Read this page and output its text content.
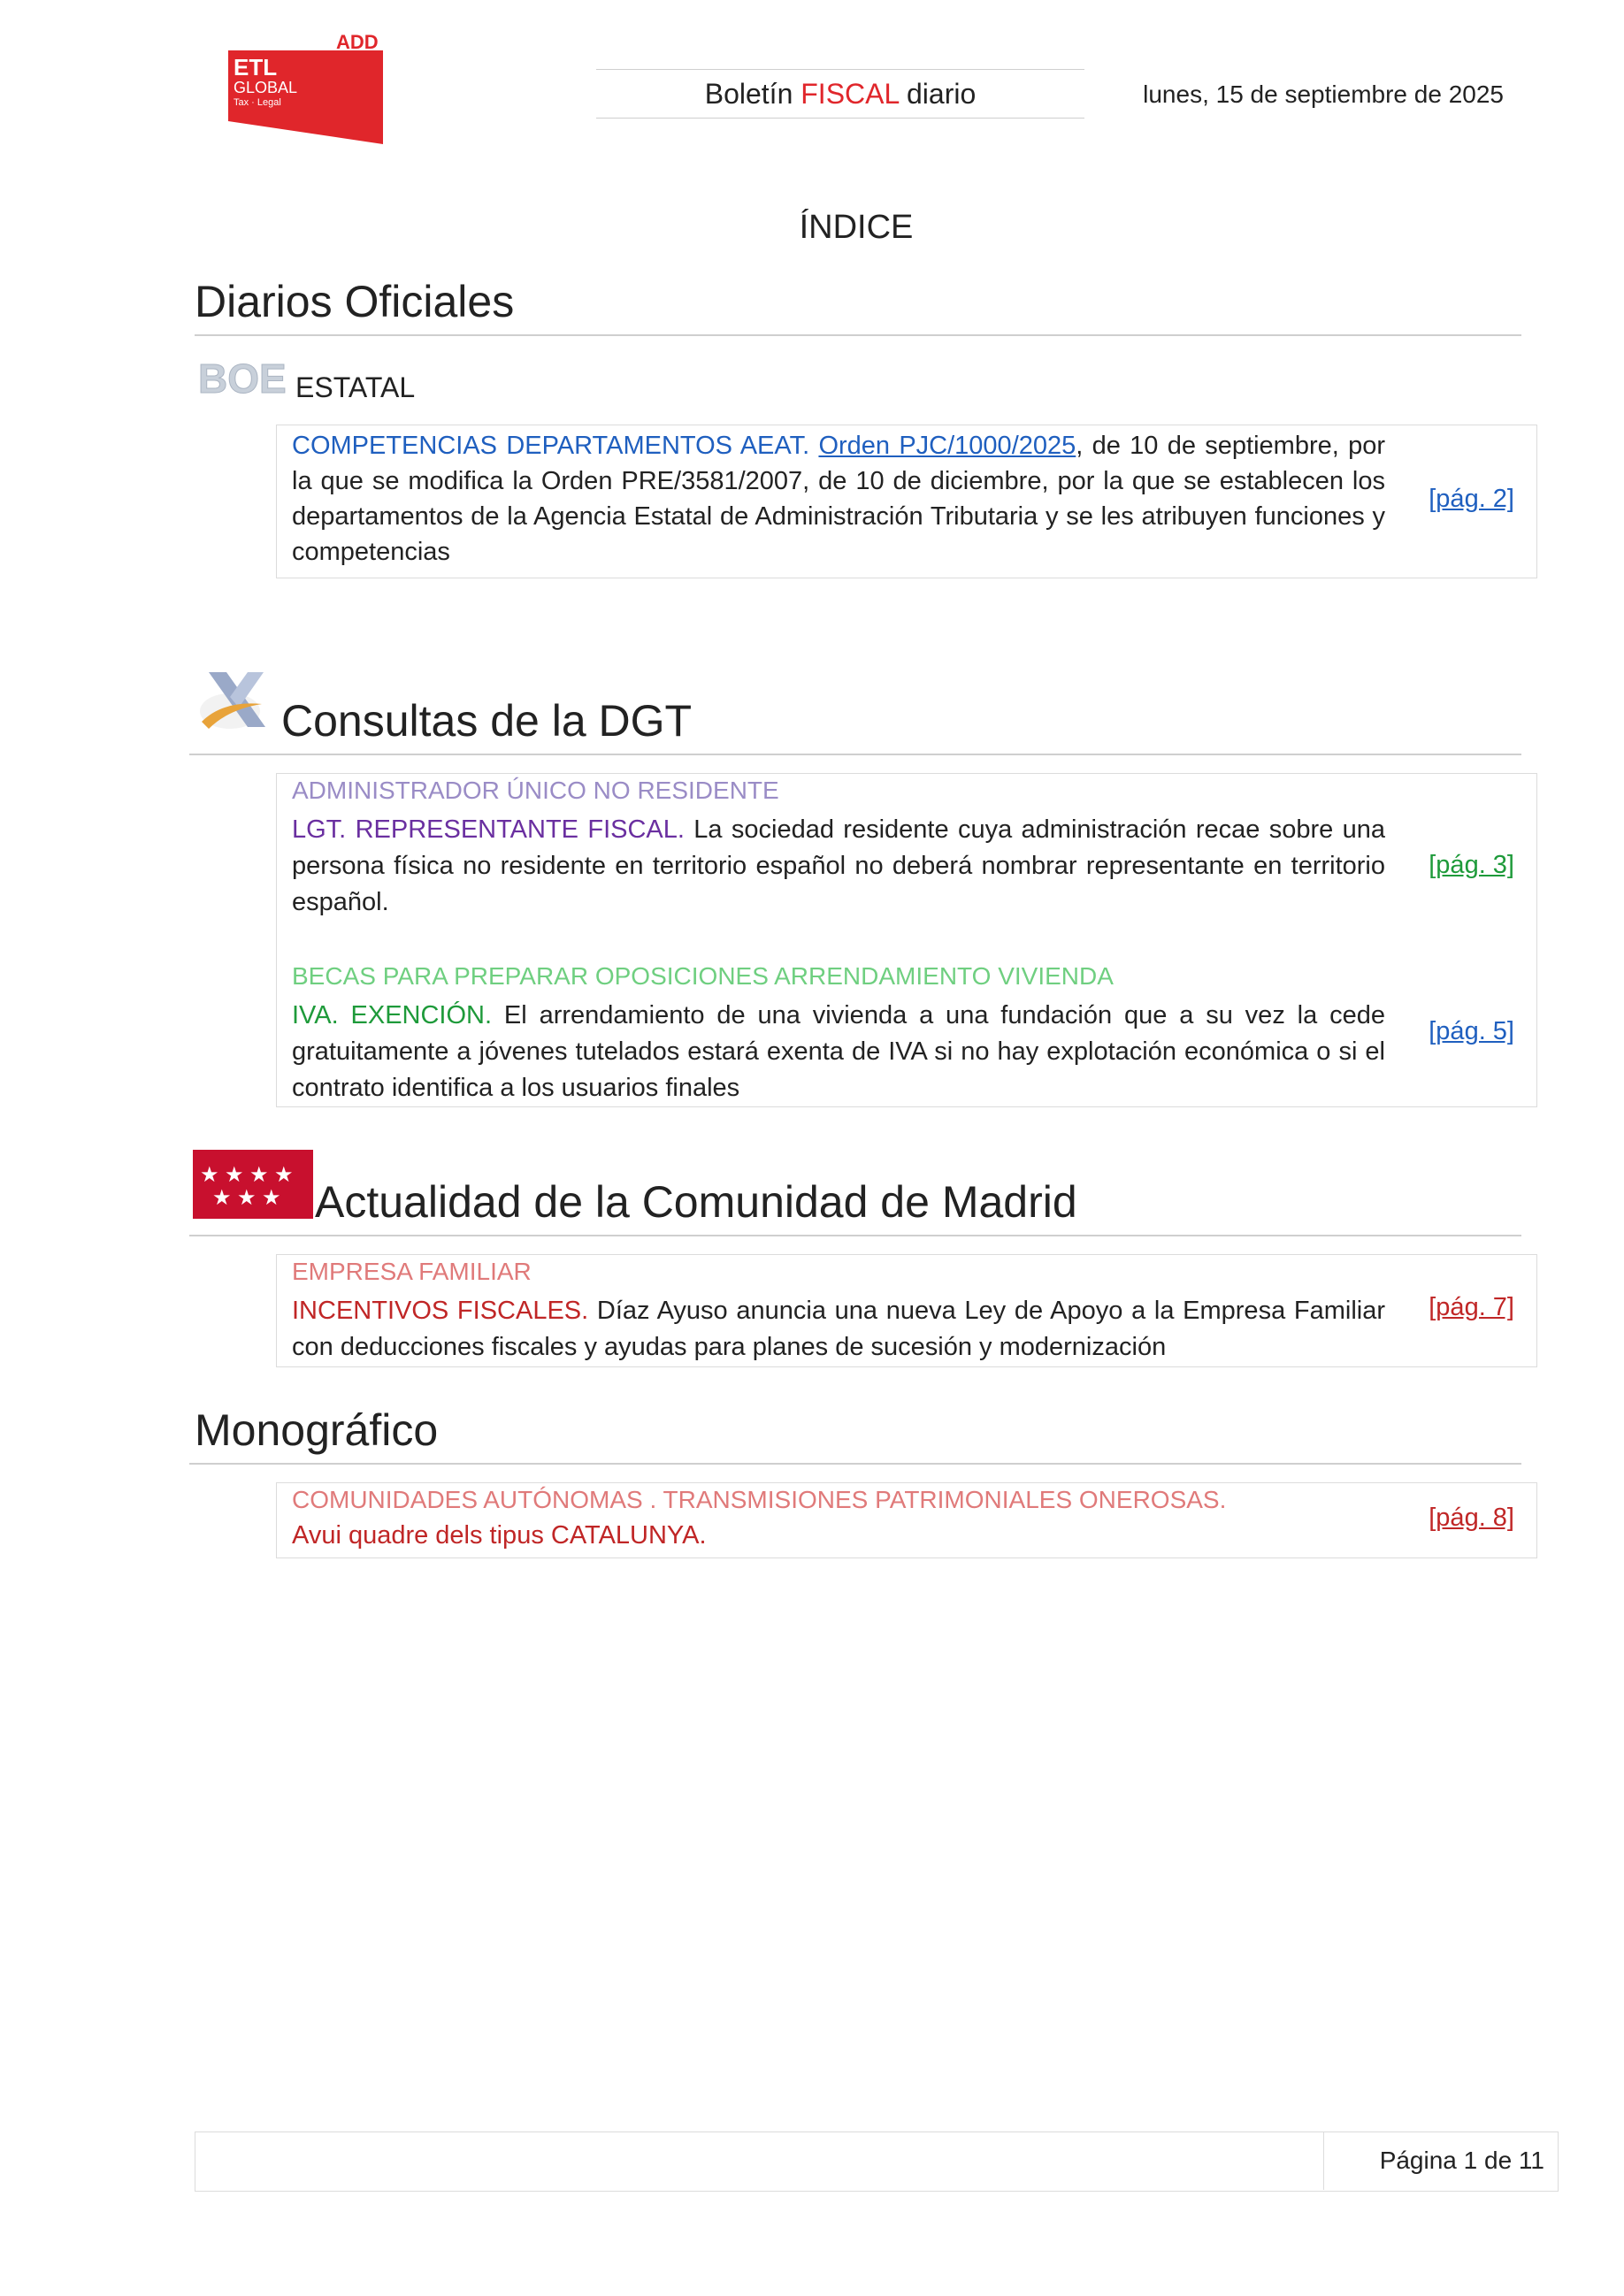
ADD
ETL
GLOBAL
Tax · Legal	Boletín FISCAL diario	lunes, 15 de septiembre de 2025
ÍNDICE
Diarios Oficiales
BOE ESTATAL
COMPETENCIAS DEPARTAMENTOS AEAT. Orden PJC/1000/2025, de 10 de septiembre, por la que se modifica la Orden PRE/3581/2007, de 10 de diciembre, por la que se establecen los departamentos de la Agencia Estatal de Administración Tributaria y se les atribuyen funciones y competencias
[pág. 2]
Consultas de la DGT
ADMINISTRADOR ÚNICO NO RESIDENTE
LGT. REPRESENTANTE FISCAL. La sociedad residente cuya administración recae sobre una persona física no residente en territorio español no deberá nombrar representante en territorio español.
[pág. 3]
BECAS PARA PREPARAR OPOSICIONES ARRENDAMIENTO VIVIENDA
IVA. EXENCIÓN. El arrendamiento de una vivienda a una fundación que a su vez la cede gratuitamente a jóvenes tutelados estará exenta de IVA si no hay explotación económica o si el contrato identifica a los usuarios finales
[pág. 5]
★ ★ ★ ★
★ ★ ★ Actualidad de la Comunidad de Madrid
EMPRESA FAMILIAR
INCENTIVOS FISCALES. Díaz Ayuso anuncia una nueva Ley de Apoyo a la Empresa Familiar con deducciones fiscales y ayudas para planes de sucesión y modernización
[pág. 7]
Monográfico
COMUNIDADES AUTÓNOMAS . TRANSMISIONES PATRIMONIALES ONEROSAS.
Avui quadre dels tipus CATALUNYA.
[pág. 8]
Página 1 de 11
